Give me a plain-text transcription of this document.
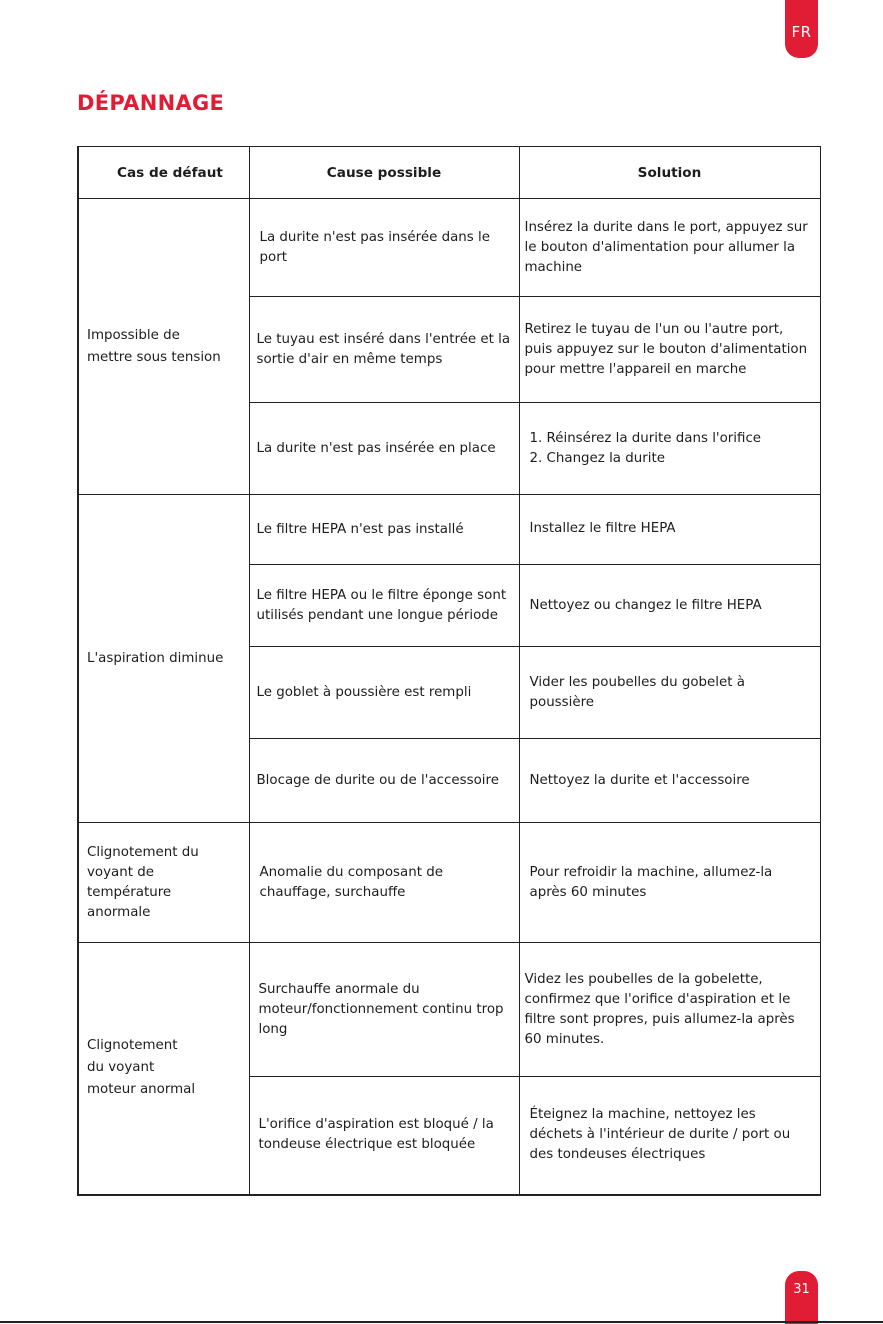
FR
DÉPANNAGE
Cas de défaut	Cause possible	Solution
Impossible de mettre sous tension	La durite n'est pas insérée dans le port	Insérez la durite dans le port, appuyez sur le bouton d'alimentation pour allumer la machine
	Le tuyau est inséré dans l'entrée et la sortie d'air en même temps	Retirez le tuyau de l'un ou l'autre port, puis appuyez sur le bouton d'alimentation pour mettre l'appareil en marche
	La durite n'est pas insérée en place	1. Réinsérez la durite dans l'orifice
2. Changez la durite
L'aspiration diminue	Le filtre HEPA n'est pas installé	Installez le filtre HEPA
	Le filtre HEPA ou le filtre éponge sont utilisés pendant une longue période	Nettoyez ou changez le filtre HEPA
	Le goblet à poussière est rempli	Vider les poubelles du gobelet à poussière
	Blocage de durite ou de l'accessoire	Nettoyez la durite et l'accessoire
Clignotement du voyant de température anormale	Anomalie du composant de chauffage, surchauffe	Pour refroidir la machine, allumez-la après 60 minutes
Clignotement du voyant moteur anormal	Surchauffe anormale du moteur/fonctionnement continu trop long	Videz les poubelles de la gobelette, confirmez que l'orifice d'aspiration et le filtre sont propres, puis allumez-la après 60 minutes.
	L'orifice d'aspiration est bloqué / la tondeuse électrique est bloquée	Éteignez la machine, nettoyez les déchets à l'intérieur de durite / port ou des tondeuses électriques
31
